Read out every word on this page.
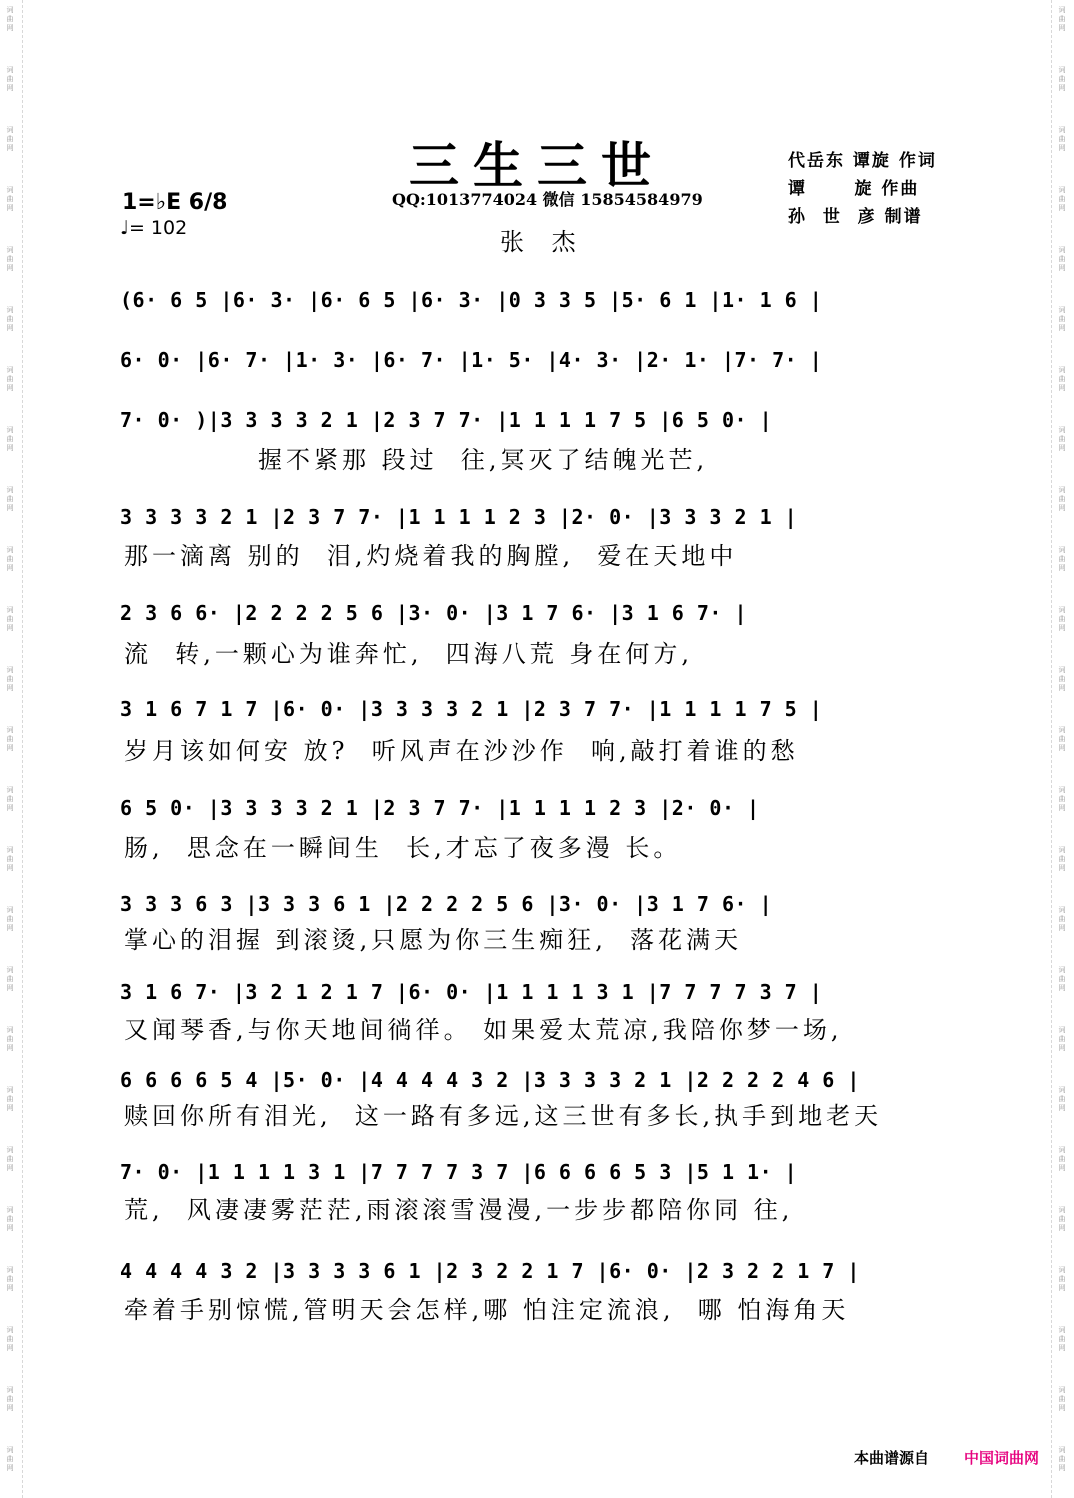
词
曲
网
词
曲
网
词
曲
网
词
曲
网
词
曲
网
词
曲
网
词
曲
网
词
曲
网
词
曲
网
词
曲
网
词
曲
网
词
曲
网
词
曲
网
词
曲
网
词
曲
网
词
曲
网
词
曲
网
词
曲
网
词
曲
网
词
曲
网
词
曲
网
词
曲
网
词
曲
网
词
曲
网
词
曲
网
词
曲
网
词
曲
网
词
曲
网
词
曲
网
词
曲
网
词
曲
网
词
曲
网
词
曲
网
词
曲
网
词
曲
网
词
曲
网
词
曲
网
词
曲
网
词
曲
网
词
曲
网
词
曲
网
词
曲
网
词
曲
网
词
曲
网
词
曲
网
词
曲
网
词
曲
网
词
曲
网
词
曲
网
词
曲
网
三生三世
QQ:1013774024 微信 15854584979
张 杰
代岳东 谭旋 作词
谭      旋 作曲
孙  世  彦 制谱
1=♭E 6/8
♩= 102
(6· 6 5 |6· 3· |6· 6 5 |6· 3· |0 3 3 5 |5· 6 1 |1· 1 6 |
6· 0· |6· 7· |1· 3· |6· 7· |1· 5· |4· 3· |2· 1· |7· 7· |
7· 0· )|3 3 3 3 2 1 |2 3 7 7· |1 1 1 1 7 5 |6 5 0· |
握不紧那 段过  往,冥灭了结魄光芒,
3 3 3 3 2 1 |2 3 7 7· |1 1 1 1 2 3 |2· 0· |3 3 3 2 1 |
那一滴离 别的  泪,灼烧着我的胸膛,  爱在天地中
2 3 6 6· |2 2 2 2 5 6 |3· 0· |3 1 7 6· |3 1 6 7· |
流  转,一颗心为谁奔忙,  四海八荒 身在何方,
3 1 6 7 1 7 |6· 0· |3 3 3 3 2 1 |2 3 7 7· |1 1 1 1 7 5 |
岁月该如何安 放?  听风声在沙沙作  响,敲打着谁的愁
6 5 0· |3 3 3 3 2 1 |2 3 7 7· |1 1 1 1 2 3 |2· 0· |
肠,  思念在一瞬间生  长,才忘了夜多漫 长。
3 3 3 6 3 |3 3 3 6 1 |2 2 2 2 5 6 |3· 0· |3 1 7 6· |
掌心的泪握 到滚烫,只愿为你三生痴狂,  落花满天
3 1 6 7· |3 2 1 2 1 7 |6· 0· |1 1 1 1 3 1 |7 7 7 7 3 7 |
又闻琴香,与你天地间徜徉。 如果爱太荒凉,我陪你梦一场,
6 6 6 6 5 4 |5· 0· |4 4 4 4 3 2 |3 3 3 3 2 1 |2 2 2 2 4 6 |
赎回你所有泪光,  这一路有多远,这三世有多长,执手到地老天
7· 0· |1 1 1 1 3 1 |7 7 7 7 3 7 |6 6 6 6 5 3 |5 1 1· |
荒,  风凄凄雾茫茫,雨滚滚雪漫漫,一步步都陪你同 往,
4 4 4 4 3 2 |3 3 3 3 6 1 |2 3 2 2 1 7 |6· 0· |2 3 2 2 1 7 |
牵着手别惊慌,管明天会怎样,哪 怕注定流浪,  哪 怕海角天
本曲谱源自 中国词曲网
